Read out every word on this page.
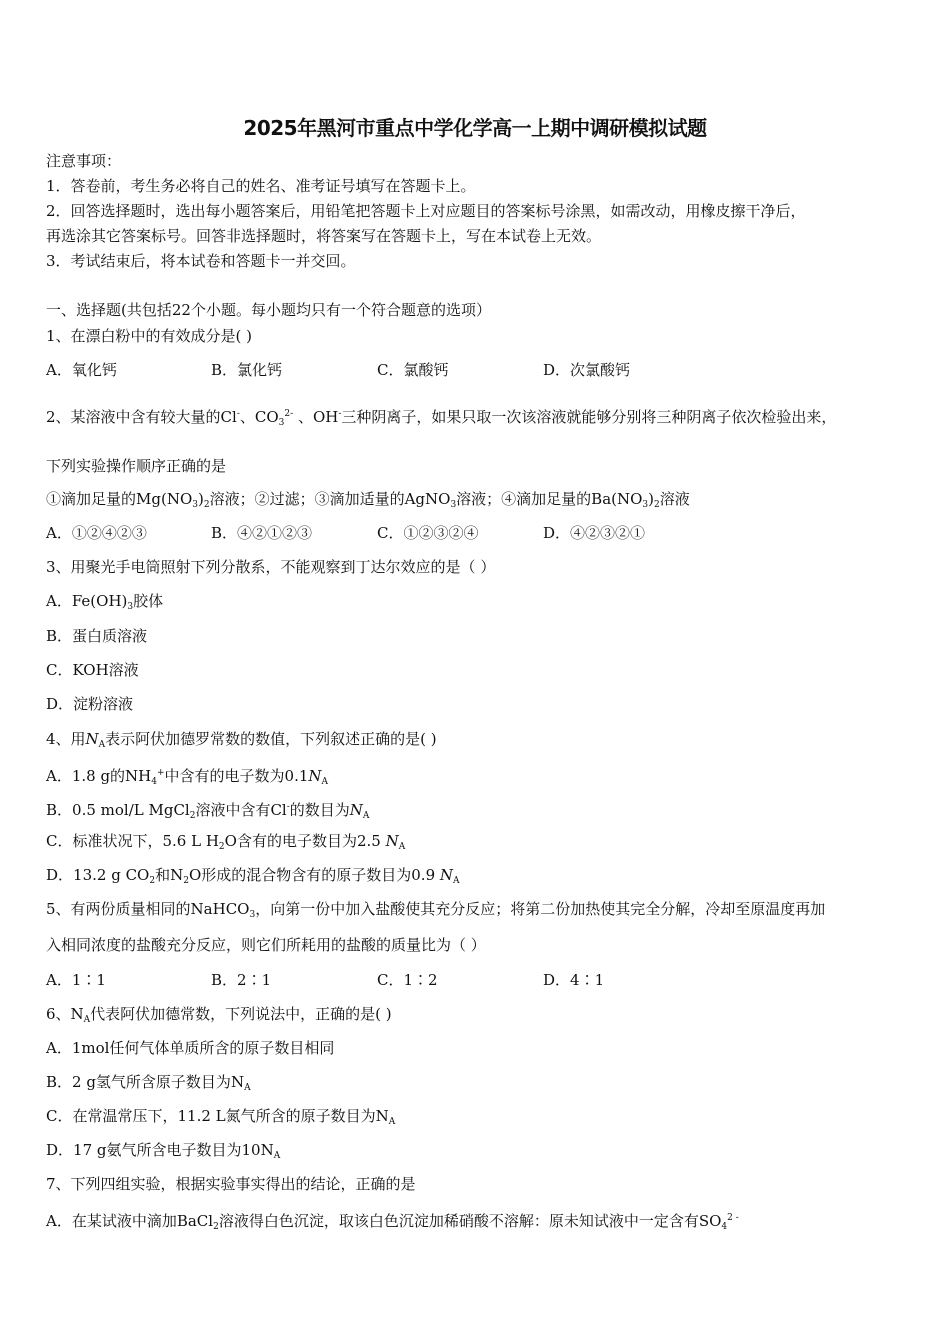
2025年黑河市重点中学化学高一上期中调研模拟试题
注意事项：
1．答卷前，考生务必将自己的姓名、准考证号填写在答题卡上。
2．回答选择题时，选出每小题答案后，用铅笔把答题卡上对应题目的答案标号涂黑，如需改动，用橡皮擦干净后，
再选涂其它答案标号。回答非选择题时，将答案写在答题卡上，写在本试卷上无效。
3．考试结束后，将本试卷和答题卡一并交回。
一、选择题(共包括22个小题。每小题均只有一个符合题意的选项）
1、在漂白粉中的有效成分是( )
A．氧化钙	B．氯化钙	C．氯酸钙	D．次氯酸钙
2、某溶液中含有较大量的Cl-、$CO_3^{2-}$ 、OH-三种阴离子，如果只取一次该溶液就能够分别将三种阴离子依次检验出来，
下列实验操作顺序正确的是
①滴加足量的$Mg(NO_3)_2$溶液；②过滤；③滴加适量的AgNO$_3$溶液；④滴加足量的$Ba(NO_3)_2$溶液
A．①②④②③	B．④②①②③	C．①②③②④	D．④②③②①
3、用聚光手电筒照射下列分散系，不能观察到丁达尔效应的是（ ）
A．$Fe(OH)_3$胶体
B．蛋白质溶液
C．KOH溶液
D．淀粉溶液
4、用$N_A$表示阿伏加德罗常数的数值，下列叙述正确的是( )
A．1.8 g的$NH_4^+$中含有的电子数为$0.1N_A$
B．0.5 mol/L MgCl$_2$溶液中含有Cl-的数目为$N_A$
C．标准状况下，5.6 L $H_2O$含有的电子数目为2.5 $N_A$
D．13.2 g $CO_2$和$N_2O$形成的混合物含有的原子数目为0.9 $N_A$
5、有两份质量相同的NaHCO$_3$，向第一份中加入盐酸使其充分反应；将第二份加热使其完全分解，冷却至原温度再加
入相同浓度的盐酸充分反应，则它们所耗用的盐酸的质量比为（ ）
A．1∶1	B．2∶1	C．1∶2	D．4∶1
6、$N_A$代表阿伏加德常数，下列说法中，正确的是( )
A．1mol任何气体单质所含的原子数目相同
B．2 g氢气所含原子数目为$N_A$
C．在常温常压下，11.2 L氮气所含的原子数目为$N_A$
D．17 g氨气所含电子数目为$10N_A$
7、下列四组实验，根据实验事实得出的结论，正确的是
A．在某试液中滴加BaCl$_2$溶液得白色沉淀，取该白色沉淀加稀硝酸不溶解：原未知试液中一定含有$SO_4^{2 -}$
